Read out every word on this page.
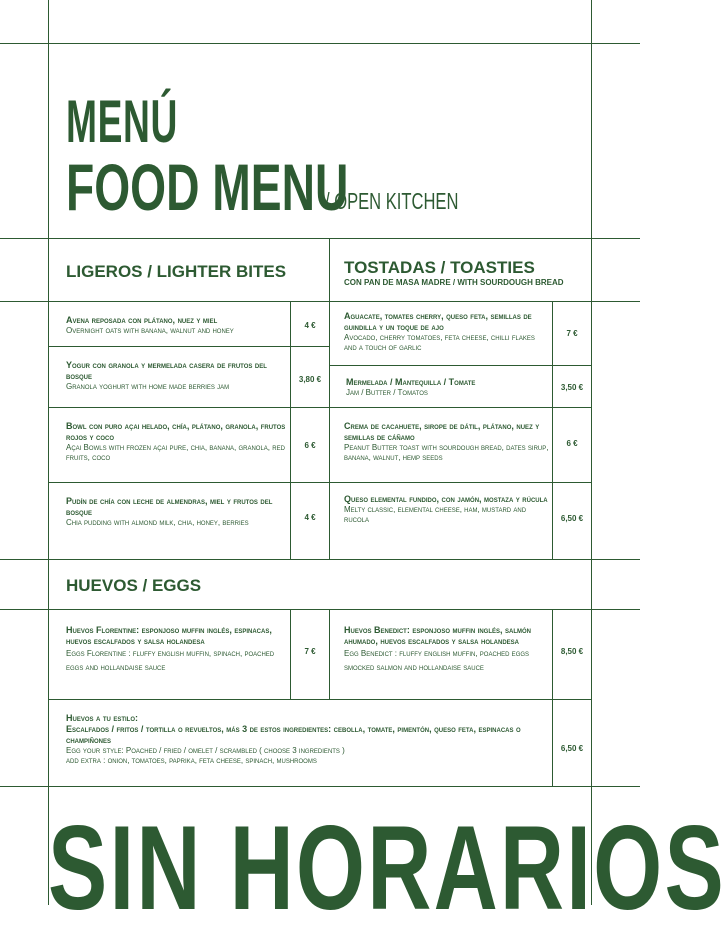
MENÚ
FOOD MENU
/ OPEN KITCHEN
LIGEROS / LIGHTER BITES	TOSTADAS / TOASTIES
CON PAN DE MASA MADRE / WITH SOURDOUGH BREAD
Avena reposada con plátano, nuez y miel
Overnight oats with banana, walnut and honey
4 €
Yogur con granola y mermelada casera de frutos del bosque
Granola yoghurt with home made berries jam
3,80 €
Bowl con puro açai helado, chía, plátano, granola, frutos rojos y coco
Açai Bowls with frozen açai pure, chia, banana, granola, red fruits, coco
6 €
Pudín de chía con leche de almendras, miel y frutos del bosque
Chia pudding with almond milk, chia, honey, berries
4 €
Aguacate, tomates cherry, queso feta, semillas de guindilla y un toque de ajo
Avocado, cherry tomatoes, feta cheese, chilli flakes and a touch of garlic
7 €
Mermelada / Mantequilla / Tomate
Jam / Butter / Tomatos
3,50 €
Crema de cacahuete, sirope de dátil, plátano, nuez y semillas de cáñamo
Peanut Butter toast with sourdough bread, dates sirup, banana, walnut, hemp seeds
6 €
Queso elemental fundido, con jamón, mostaza y rúcula
Melty classic, elemental cheese, ham, mustard and rucola	6,50 €
HUEVOS / EGGS
Huevos Florentine: esponjoso muffin inglés, espinacas, huevos escalfados y salsa holandesa
Eggs Florentine : fluffy english muffin, spinach, poached eggs and hollandaise sauce
7 €
Huevos Benedict: esponjoso muffin inglés, salmón ahumado, huevos escalfados y salsa holandesa
Egg Benedict : fluffy english muffin, poached eggs smocked salmon and hollandaise sauce
8,50 €
Huevos a tu estilo:
Escalfados / fritos / tortilla o revueltos, más 3 de estos ingredientes: cebolla, tomate, pimentón, queso feta, espinacas o champiñones
Egg your style: Poached / fried / omelet / scrambled ( choose 3 ingredients )
add extra : onion, tomatoes, paprika, feta cheese, spinach, mushrooms
6,50 €
SIN HORARIOS
